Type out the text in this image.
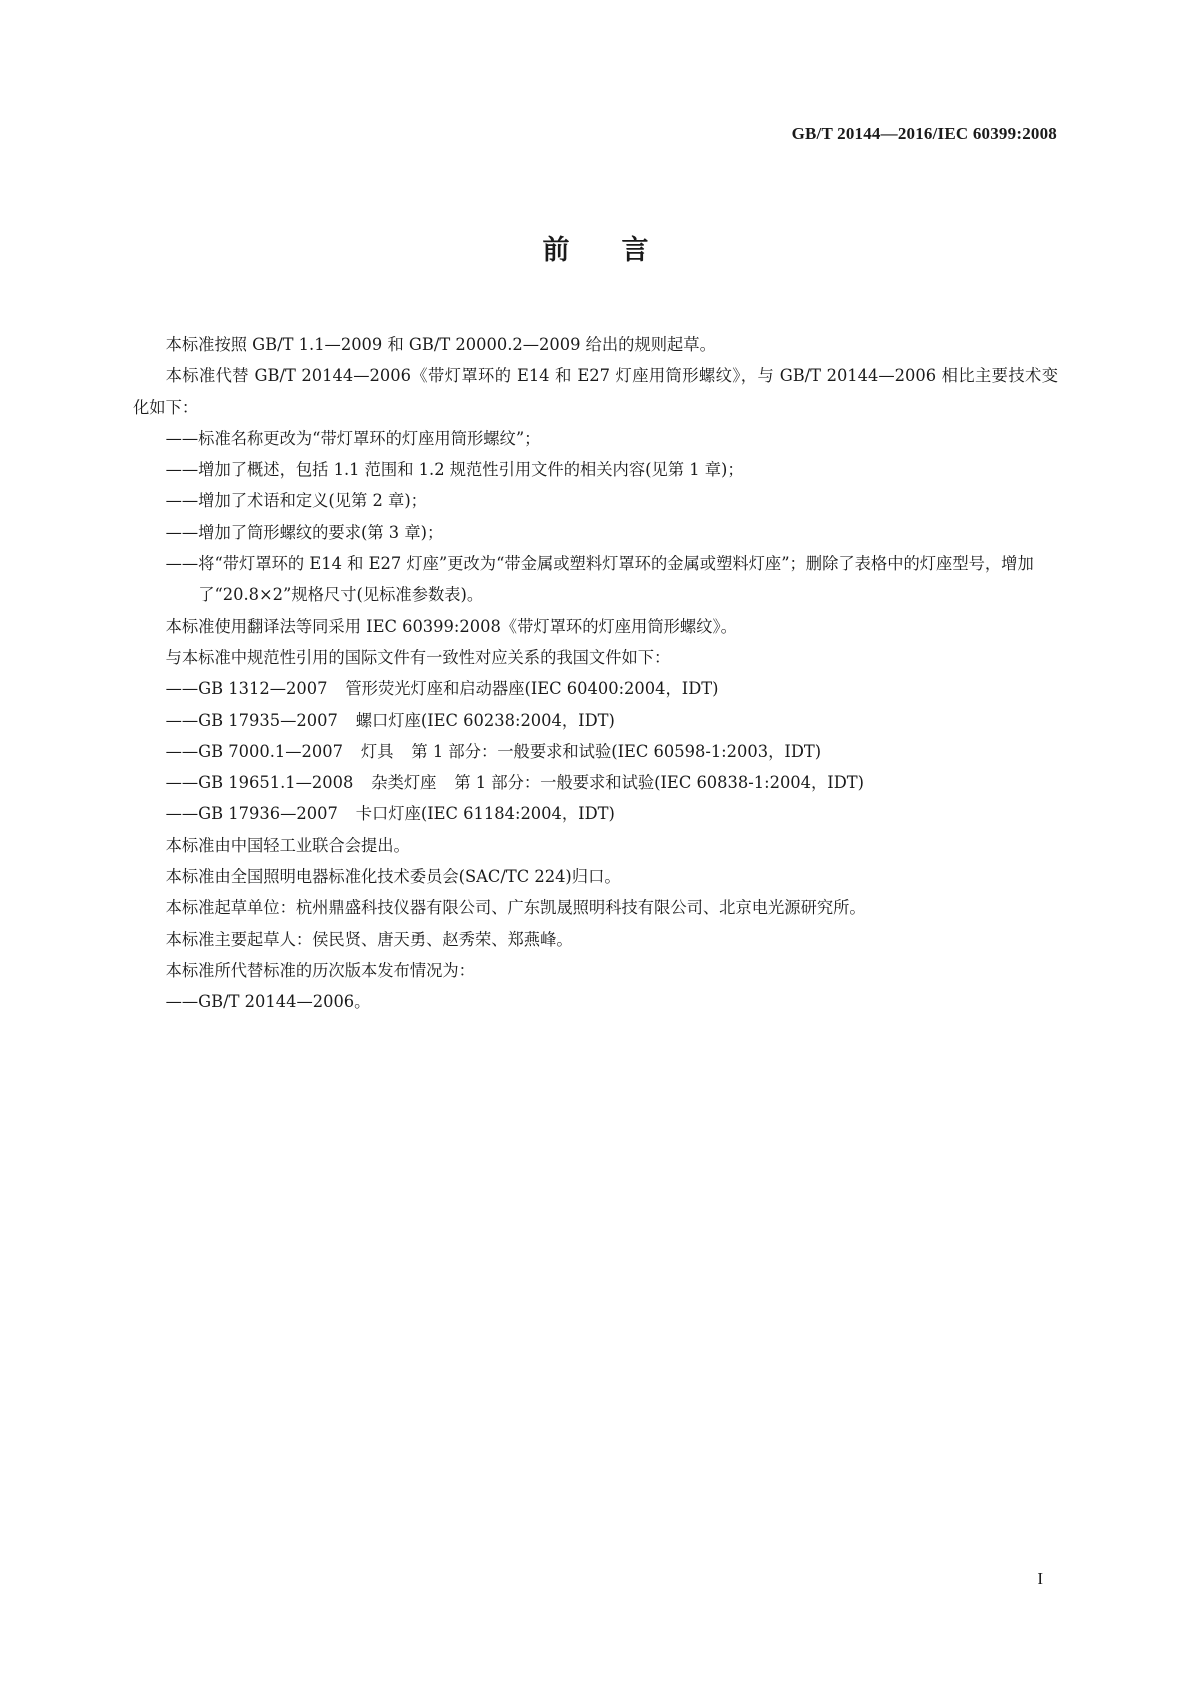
GB/T 20144—2016/IEC 60399:2008
前言

本标准按照 GB/T 1.1—2009 和 GB/T 20000.2—2009 给出的规则起草。

本标准代替 GB/T 20144—2006《带灯罩环的 E14 和 E27 灯座用筒形螺纹》，与 GB/T 20144—2006 相比主要技术变化如下：

——标准名称更改为“带灯罩环的灯座用筒形螺纹”；

——增加了概述，包括 1.1 范围和 1.2 规范性引用文件的相关内容(见第 1 章)；

——增加了术语和定义(见第 2 章)；

——增加了筒形螺纹的要求(第 3 章)；

——将“带灯罩环的 E14 和 E27 灯座”更改为“带金属或塑料灯罩环的金属或塑料灯座”；删除了表格中的灯座型号，增加了“20.8×2”规格尺寸(见标准参数表)。

本标准使用翻译法等同采用 IEC 60399:2008《带灯罩环的灯座用筒形螺纹》。

与本标准中规范性引用的国际文件有一致性对应关系的我国文件如下：

——GB 1312—2007 管形荧光灯座和启动器座(IEC 60400:2004，IDT)

——GB 17935—2007 螺口灯座(IEC 60238:2004，IDT)

——GB 7000.1—2007 灯具 第 1 部分：一般要求和试验(IEC 60598-1:2003，IDT)

——GB 19651.1—2008 杂类灯座 第 1 部分：一般要求和试验(IEC 60838-1:2004，IDT)

——GB 17936—2007 卡口灯座(IEC 61184:2004，IDT)

本标准由中国轻工业联合会提出。

本标准由全国照明电器标准化技术委员会(SAC/TC 224)归口。

本标准起草单位：杭州鼎盛科技仪器有限公司、广东凯晟照明科技有限公司、北京电光源研究所。

本标准主要起草人：侯民贤、唐天勇、赵秀荣、郑燕峰。

本标准所代替标准的历次版本发布情况为：

——GB/T 20144—2006。

I
